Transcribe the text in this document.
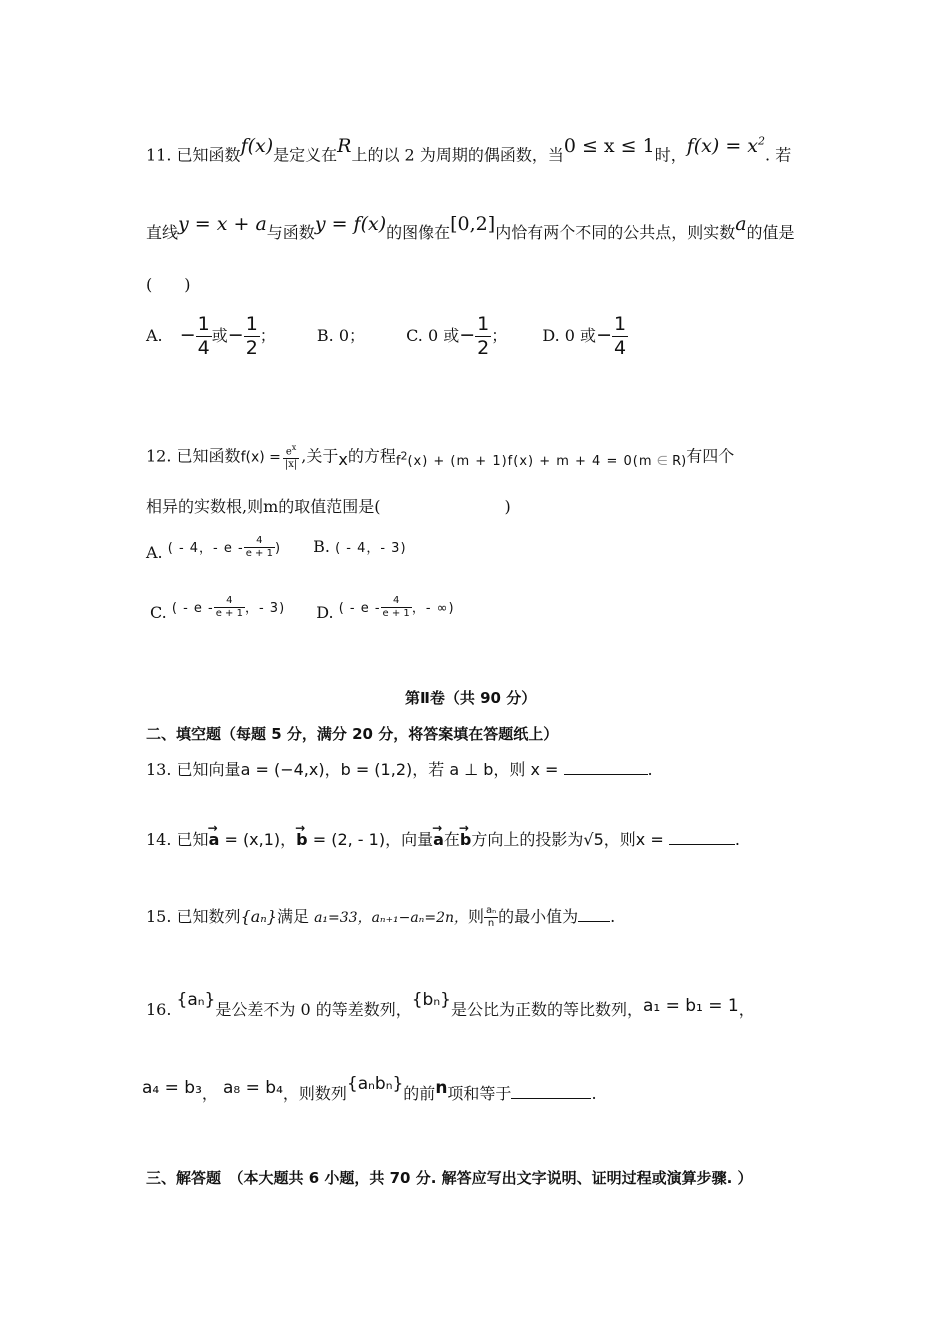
11. 已知函数f(x)是定义在R上的以 2 为周期的偶函数，当0 ≤ x ≤ 1时，$f(x) = x^2$. 若
直线y = x + a与函数y = f(x)的图像在[0,2]内恰有两个不同的公共点，则实数a的值是
(　　)
A. − $\frac{1}{4}$ 或− $\frac{1}{2}$ ；	B. 0；	C. 0 或− $\frac{1}{2}$ ； D. 0 或− $\frac{1}{4}$
12. 已知函数$f(x) = \frac{e^x}{|x|}$ ,关于x的方程$_{f^2(x) + (m + 1)f(x) + m + 4 = 0(m \in R)}$有四个
相异的实数根,则m的取值范围是(	)
A. ( - 4，- e - $\frac{4}{e + 1}$ ) B. ( - 4，- 3)
C. ( - e - $\frac{4}{e + 1}$ ，- 3) D. ( - e - $\frac{4}{e + 1}$ ，- ∞)
第Ⅱ卷（共 90 分）
二、填空题（每题 5 分，满分 20 分，将答案填在答题纸上）
13. 已知向量a = (−4,x)，b = (1,2)，若 a ⊥ b，则 x =	.
14. 已知→ a = (x,1)，→ b = (2, - 1)，向量→ a在→ b方向上的投影为√5，则x =	.
15. 已知数列{aₙ}满足 a₁=33，aₙ₊₁−aₙ=2n，则 $\frac{\text{aₙ}}{n}$ 的最小值为 .
16. {aₙ}是公差不为 0 的等差数列，{bₙ}是公比为正数的等比数列，a₁ = b₁ = 1，
a₄ = b₃， a₈ = b₄，则数列{aₙbₙ}的前n项和等于	.
三、解答题　（本大题共 6 小题，共 70 分. 解答应写出文字说明、证明过程或演算步骤. ）
